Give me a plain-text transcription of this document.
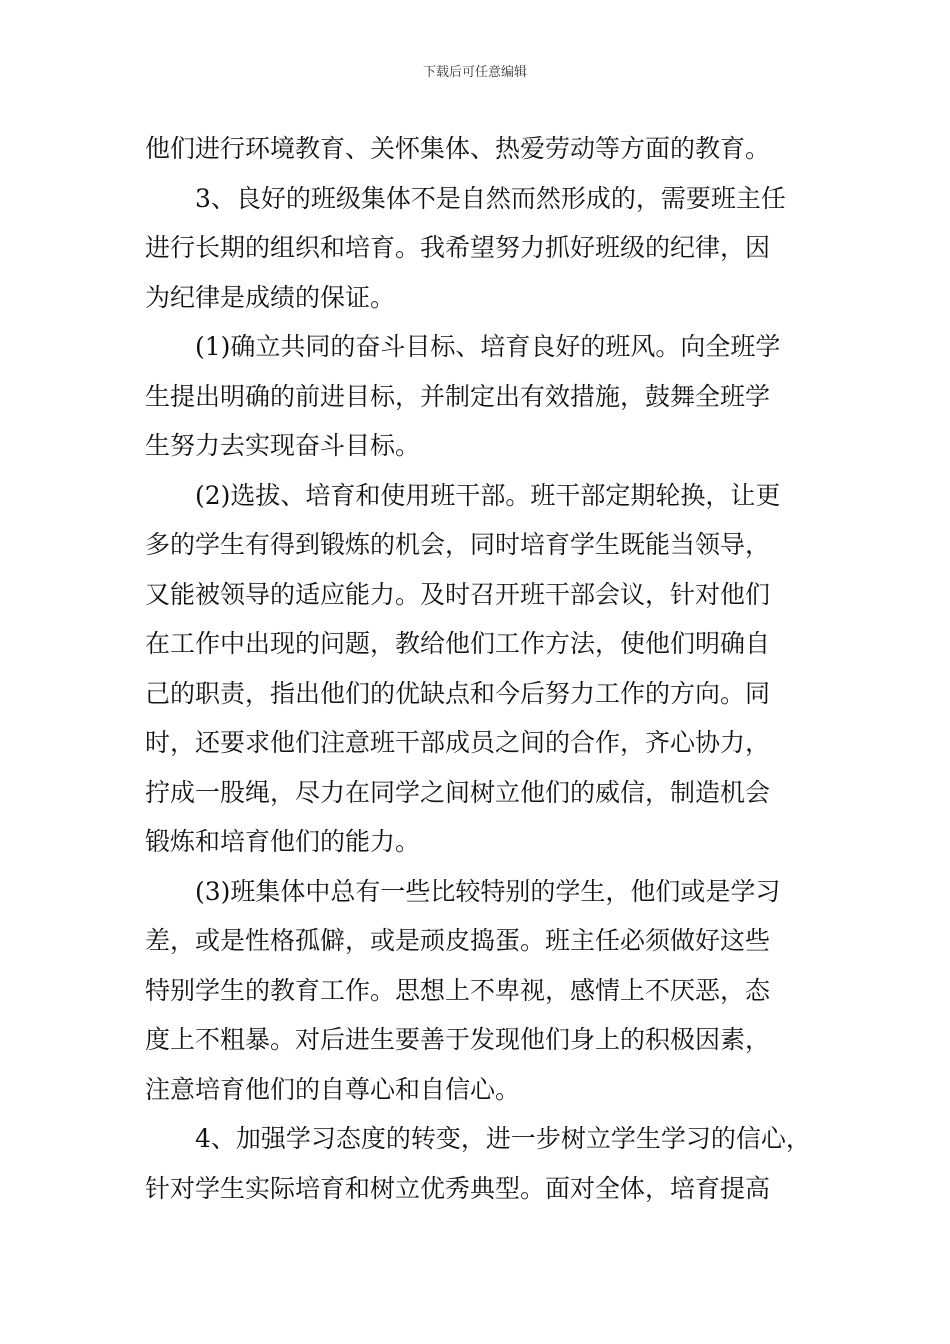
下载后可任意编辑
他们进行环境教育、关怀集体、热爱劳动等方面的教育。
3、良好的班级集体不是自然而然形成的，需要班主任
进行长期的组织和培育。我希望努力抓好班级的纪律，因
为纪律是成绩的保证。
(1)确立共同的奋斗目标、培育良好的班风。向全班学
生提出明确的前进目标，并制定出有效措施，鼓舞全班学
生努力去实现奋斗目标。
(2)选拔、培育和使用班干部。班干部定期轮换，让更
多的学生有得到锻炼的机会，同时培育学生既能当领导，
又能被领导的适应能力。及时召开班干部会议，针对他们
在工作中出现的问题，教给他们工作方法，使他们明确自
己的职责，指出他们的优缺点和今后努力工作的方向。同
时，还要求他们注意班干部成员之间的合作，齐心协力，
拧成一股绳，尽力在同学之间树立他们的威信，制造机会
锻炼和培育他们的能力。
(3)班集体中总有一些比较特别的学生，他们或是学习
差，或是性格孤僻，或是顽皮捣蛋。班主任必须做好这些
特别学生的教育工作。思想上不卑视，感情上不厌恶，态
度上不粗暴。对后进生要善于发现他们身上的积极因素，
注意培育他们的自尊心和自信心。
4、加强学习态度的转变，进一步树立学生学习的信心，
针对学生实际培育和树立优秀典型。面对全体，培育提高
